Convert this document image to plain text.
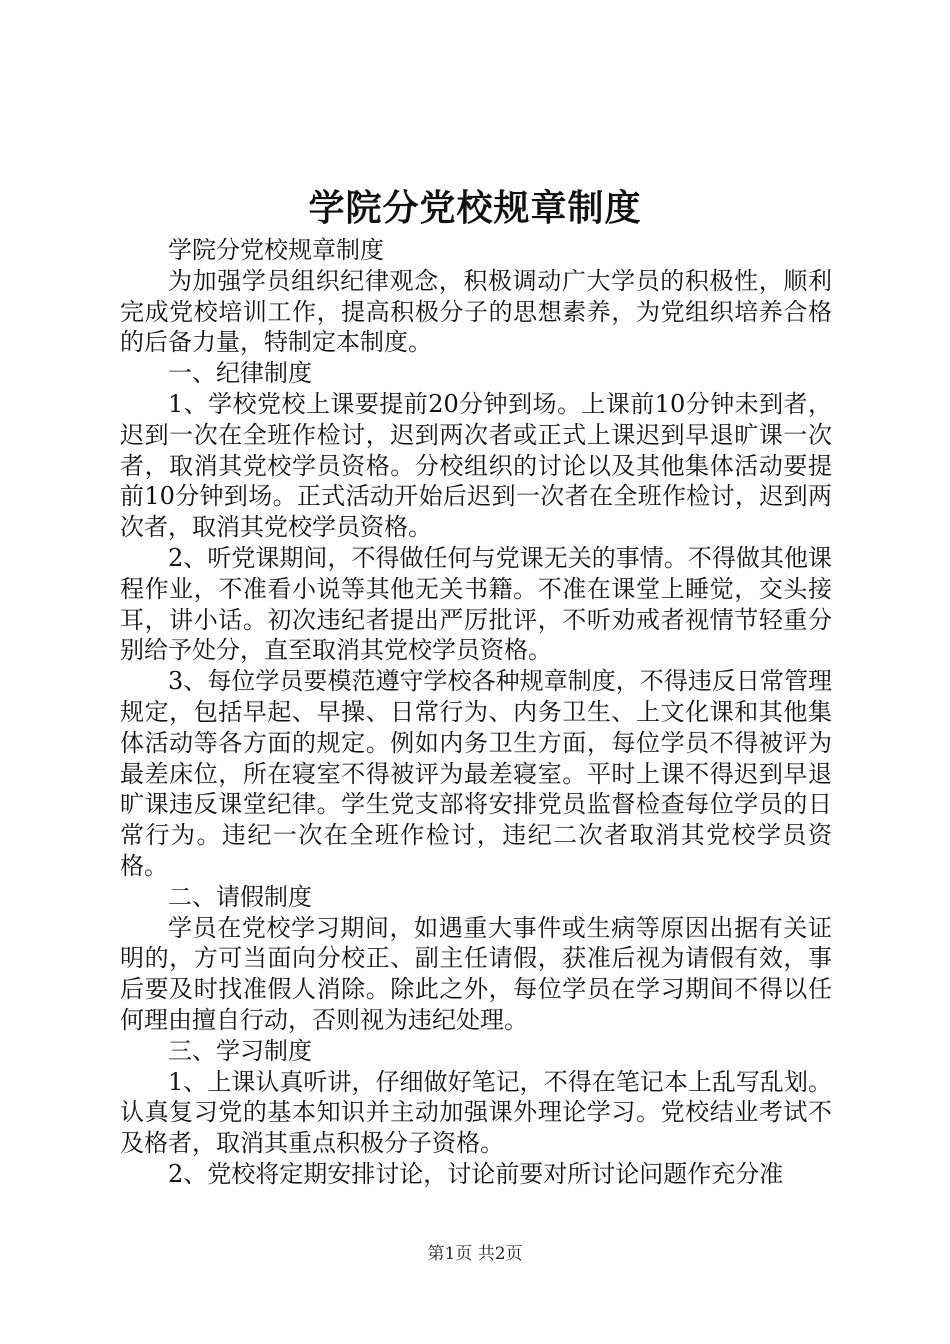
学院分党校规章制度

学院分党校规章制度

为加强学员组织纪律观念，积极调动广大学员的积极性，顺利完成党校培训工作，提高积极分子的思想素养，为党组织培养合格的后备力量，特制定本制度。

一、纪律制度

1、学校党校上课要提前20分钟到场。上课前10分钟未到者，迟到一次在全班作检讨，迟到两次者或正式上课迟到早退旷课一次者，取消其党校学员资格。分校组织的讨论以及其他集体活动要提前10分钟到场。正式活动开始后迟到一次者在全班作检讨，迟到两次者，取消其党校学员资格。

2、听党课期间，不得做任何与党课无关的事情。不得做其他课程作业，不准看小说等其他无关书籍。不准在课堂上睡觉，交头接耳，讲小话。初次违纪者提出严厉批评，不听劝戒者视情节轻重分别给予处分，直至取消其党校学员资格。

3、每位学员要模范遵守学校各种规章制度，不得违反日常管理规定，包括早起、早操、日常行为、内务卫生、上文化课和其他集体活动等各方面的规定。例如内务卫生方面，每位学员不得被评为最差床位，所在寝室不得被评为最差寝室。平时上课不得迟到早退旷课违反课堂纪律。学生党支部将安排党员监督检查每位学员的日常行为。违纪一次在全班作检讨，违纪二次者取消其党校学员资格。

二、请假制度

学员在党校学习期间，如遇重大事件或生病等原因出据有关证明的，方可当面向分校正、副主任请假，获准后视为请假有效，事后要及时找准假人消除。除此之外，每位学员在学习期间不得以任何理由擅自行动，否则视为违纪处理。

三、学习制度

1、上课认真听讲，仔细做好笔记，不得在笔记本上乱写乱划。认真复习党的基本知识并主动加强课外理论学习。党校结业考试不及格者，取消其重点积极分子资格。

2、党校将定期安排讨论，讨论前要对所讨论问题作充分准

第1页 共2页
